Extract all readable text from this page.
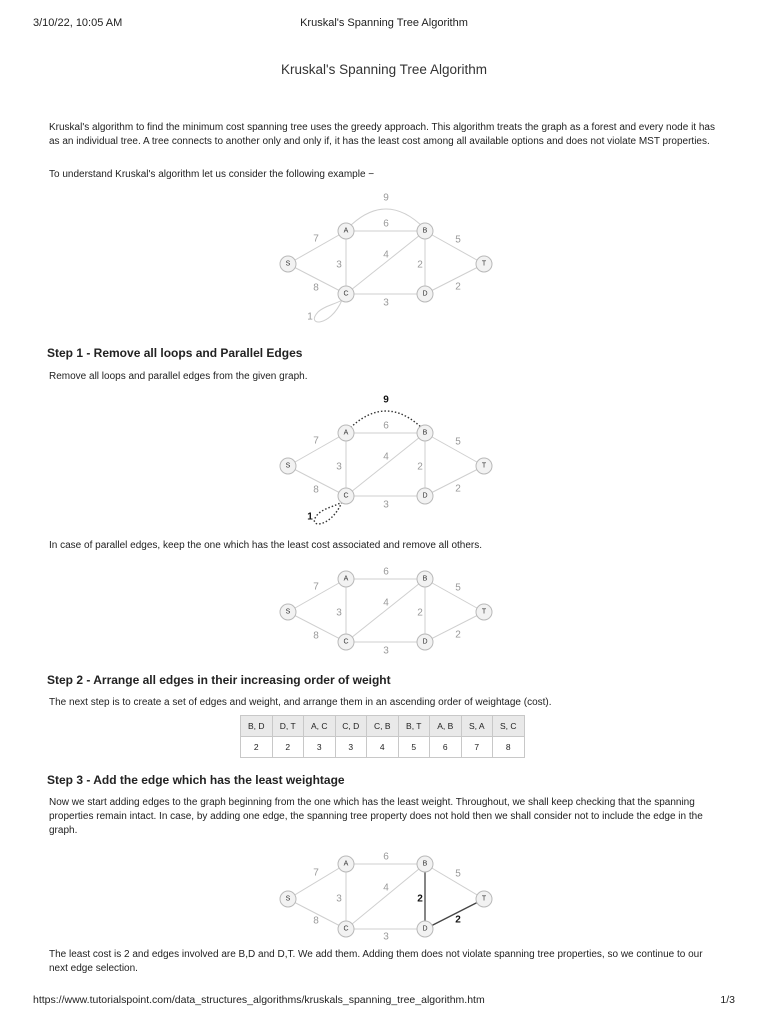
3/10/22, 10:05 AM	Kruskal's Spanning Tree Algorithm
Kruskal's Spanning Tree Algorithm
Kruskal's algorithm to find the minimum cost spanning tree uses the greedy approach. This algorithm treats the graph as a forest and every node it has as an individual tree. A tree connects to another only and only if, it has the least cost among all available options and does not violate MST properties.
To understand Kruskal's algorithm let us consider the following example −
9
6
7
8
3
4
2
5
2
3
1
S
A	B
C	D
T
Step 1 - Remove all loops and Parallel Edges
Remove all loops and parallel edges from the given graph.
9
6
7
8
3
4
2
5
2
3
1
S
A	B
C	D
T
In case of parallel edges, keep the one which has the least cost associated and remove all others.
6
7
8
3
4
2
5
2
3
S
A	B
C	D
T
Step 2 - Arrange all edges in their increasing order of weight
The next step is to create a set of edges and weight, and arrange them in an ascending order of weightage (cost).
B, D	D, T	A, C	C, D	C, B	B, T	A, B	S, A	S, C
2	2	3	3	4	5	6	7	8
Step 3 - Add the edge which has the least weightage
Now we start adding edges to the graph beginning from the one which has the least weight. Throughout, we shall keep checking that the spanning properties remain intact. In case, by adding one edge, the spanning tree property does not hold then we shall consider not to include the edge in the graph.
6
7
8
3
4
2
5
2
3
S
A	B
C	D
T
The least cost is 2 and edges involved are B,D and D,T. We add them. Adding them does not violate spanning tree properties, so we continue to our next edge selection.
https://www.tutorialspoint.com/data_structures_algorithms/kruskals_spanning_tree_algorithm.htm	1/3
